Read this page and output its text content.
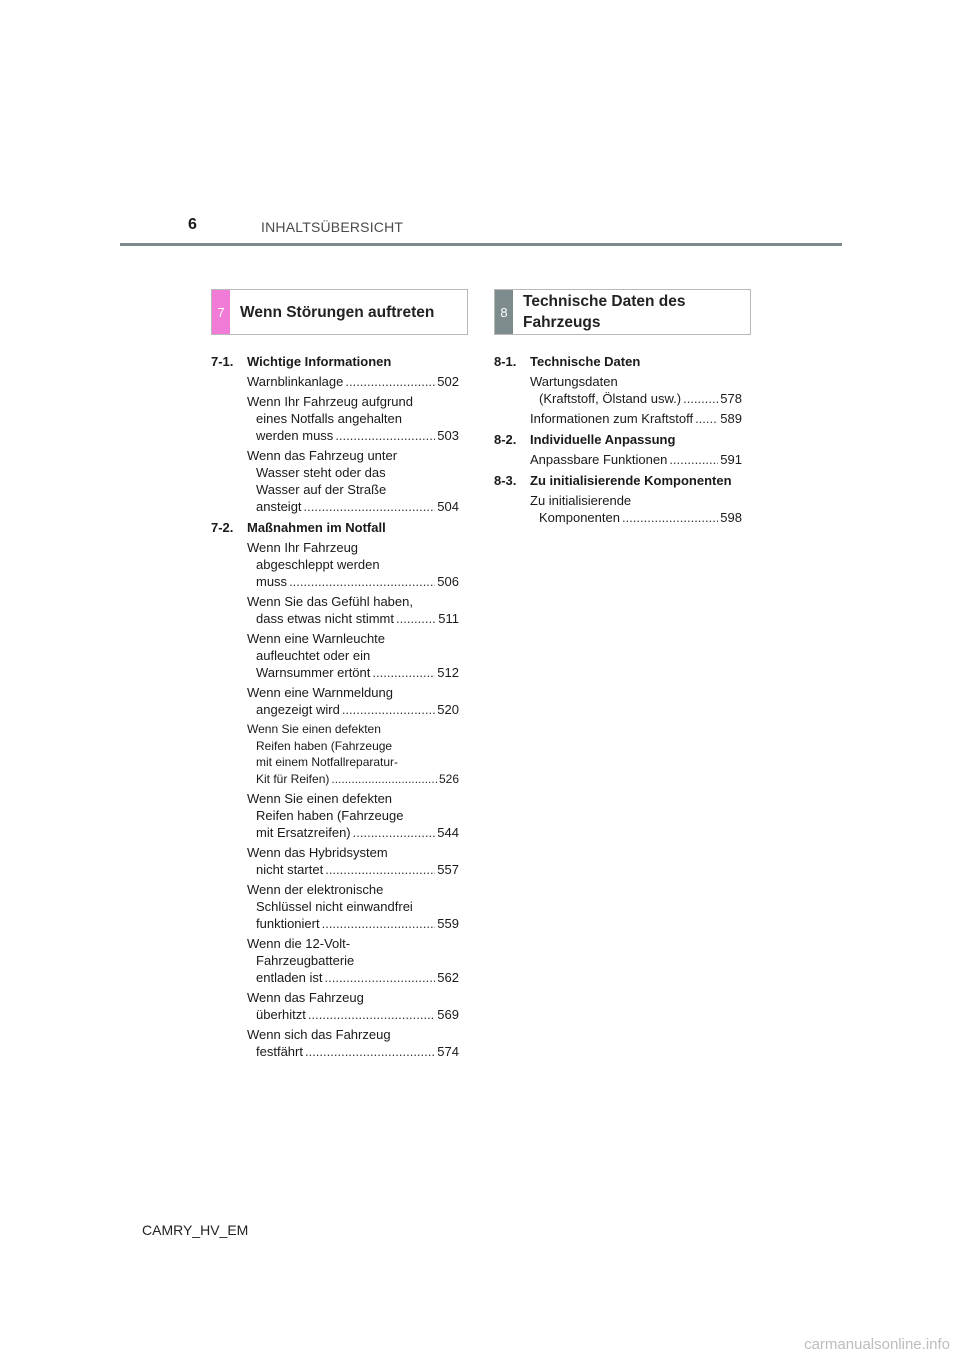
6	INHALTSÜBERSICHT
7 Wenn Störungen auftreten	8
Technische Daten des Fahrzeugs
7-1.	Wichtige Informationen
Warnblinkanlage .....	502
Wenn Ihr Fahrzeug aufgrund
eines Notfalls angehalten
werden muss .....	503
Wenn das Fahrzeug unter
Wasser steht oder das
Wasser auf der Straße
ansteigt .....	504
7-2.	Maßnahmen im Notfall
Wenn Ihr Fahrzeug
abgeschleppt werden
muss .....	506
Wenn Sie das Gefühl haben,
dass etwas nicht stimmt .....	511
Wenn eine Warnleuchte
aufleuchtet oder ein
Warnsummer ertönt .....	512
Wenn eine Warnmeldung
angezeigt wird .....	520
Wenn Sie einen defekten
Reifen haben (Fahrzeuge
mit einem Notfallreparatur-
Kit für Reifen) .....	526
Wenn Sie einen defekten
Reifen haben (Fahrzeuge
mit Ersatzreifen) .....	544
Wenn das Hybridsystem
nicht startet .....	557
Wenn der elektronische
Schlüssel nicht einwandfrei
funktioniert .....	559
Wenn die 12-Volt-
Fahrzeugbatterie
entladen ist .....	562
Wenn das Fahrzeug
überhitzt .....	569
Wenn sich das Fahrzeug
festfährt .....	574
8-1.	Technische Daten
Wartungsdaten
(Kraftstoff, Ölstand usw.) .....	578
Informationen zum Kraftstoff ..... 589
8-2.	Individuelle Anpassung
Anpassbare Funktionen .....	591
8-3.	Zu initialisierende Komponenten
Zu initialisierende
Komponenten .....	598
CAMRY_HV_EM
carmanualsonline.info
